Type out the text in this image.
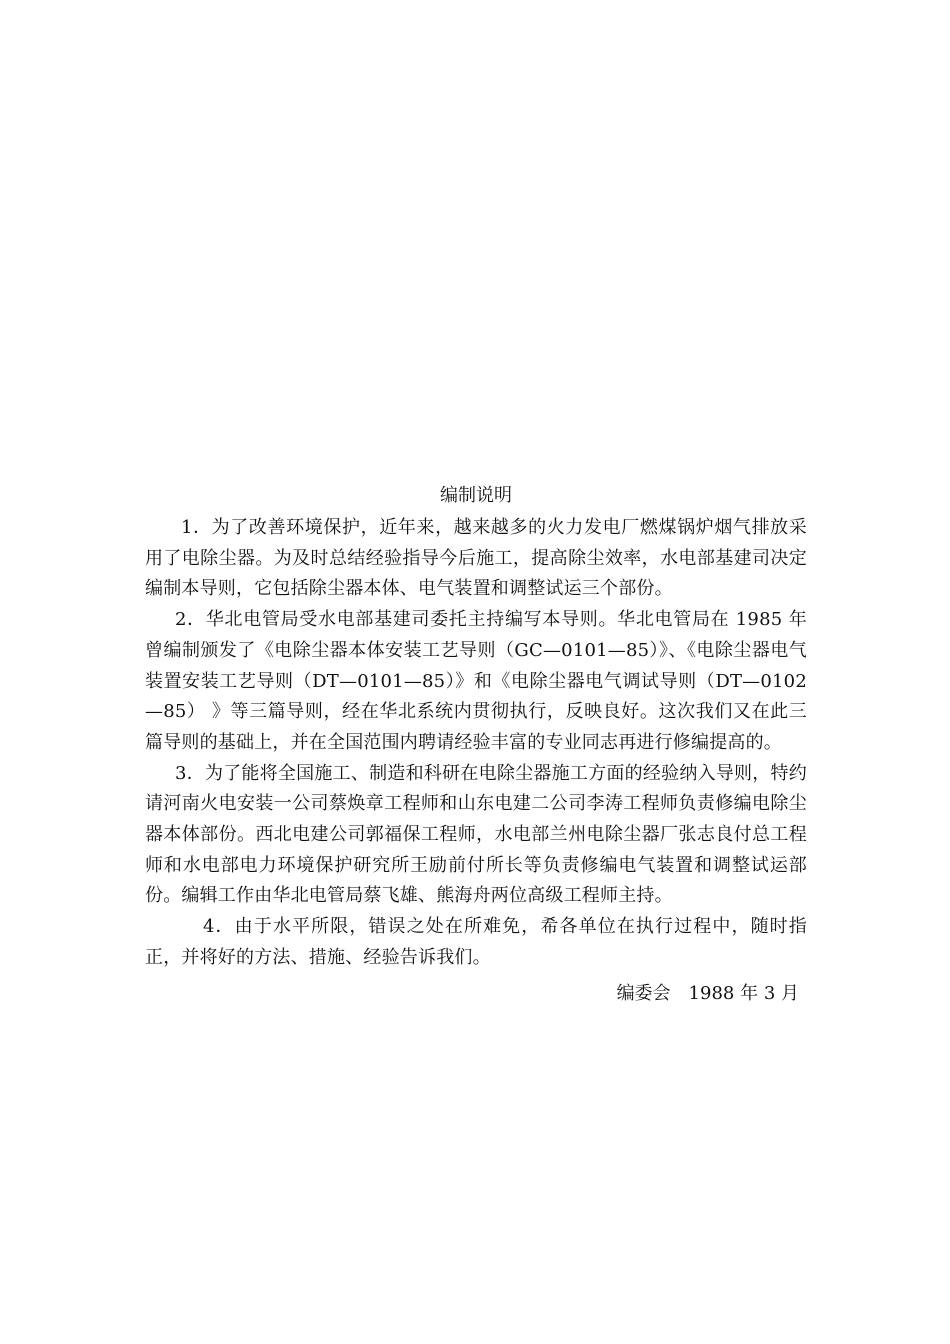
编制说明

1．为了改善环境保护，近年来，越来越多的火力发电厂燃煤锅炉烟气排放采用了电除尘器。为及时总结经验指导今后施工，提高除尘效率，水电部基建司决定编制本导则，它包括除尘器本体、电气装置和调整试运三个部份。

2．华北电管局受水电部基建司委托主持编写本导则。华北电管局在 1985 年曾编制颁发了《电除尘器本体安装工艺导则（GC—0101—85）》、《电除尘器电气装置安装工艺导则（DT—0101—85）》和《电除尘器电气调试导则（DT—0102—85） 》等三篇导则，经在华北系统内贯彻执行，反映良好。这次我们又在此三篇导则的基础上，并在全国范围内聘请经验丰富的专业同志再进行修编提高的。

3．为了能将全国施工、制造和科研在电除尘器施工方面的经验纳入导则，特约请河南火电安装一公司蔡焕章工程师和山东电建二公司李涛工程师负责修编电除尘器本体部份。西北电建公司郭福保工程师，水电部兰州电除尘器厂张志良付总工程师和水电部电力环境保护研究所王励前付所长等负责修编电气装置和调整试运部份。编辑工作由华北电管局蔡飞雄、熊海舟两位高级工程师主持。

4．由于水平所限，错误之处在所难免，希各单位在执行过程中，随时指正，并将好的方法、措施、经验告诉我们。

编委会　1988 年 3 月
